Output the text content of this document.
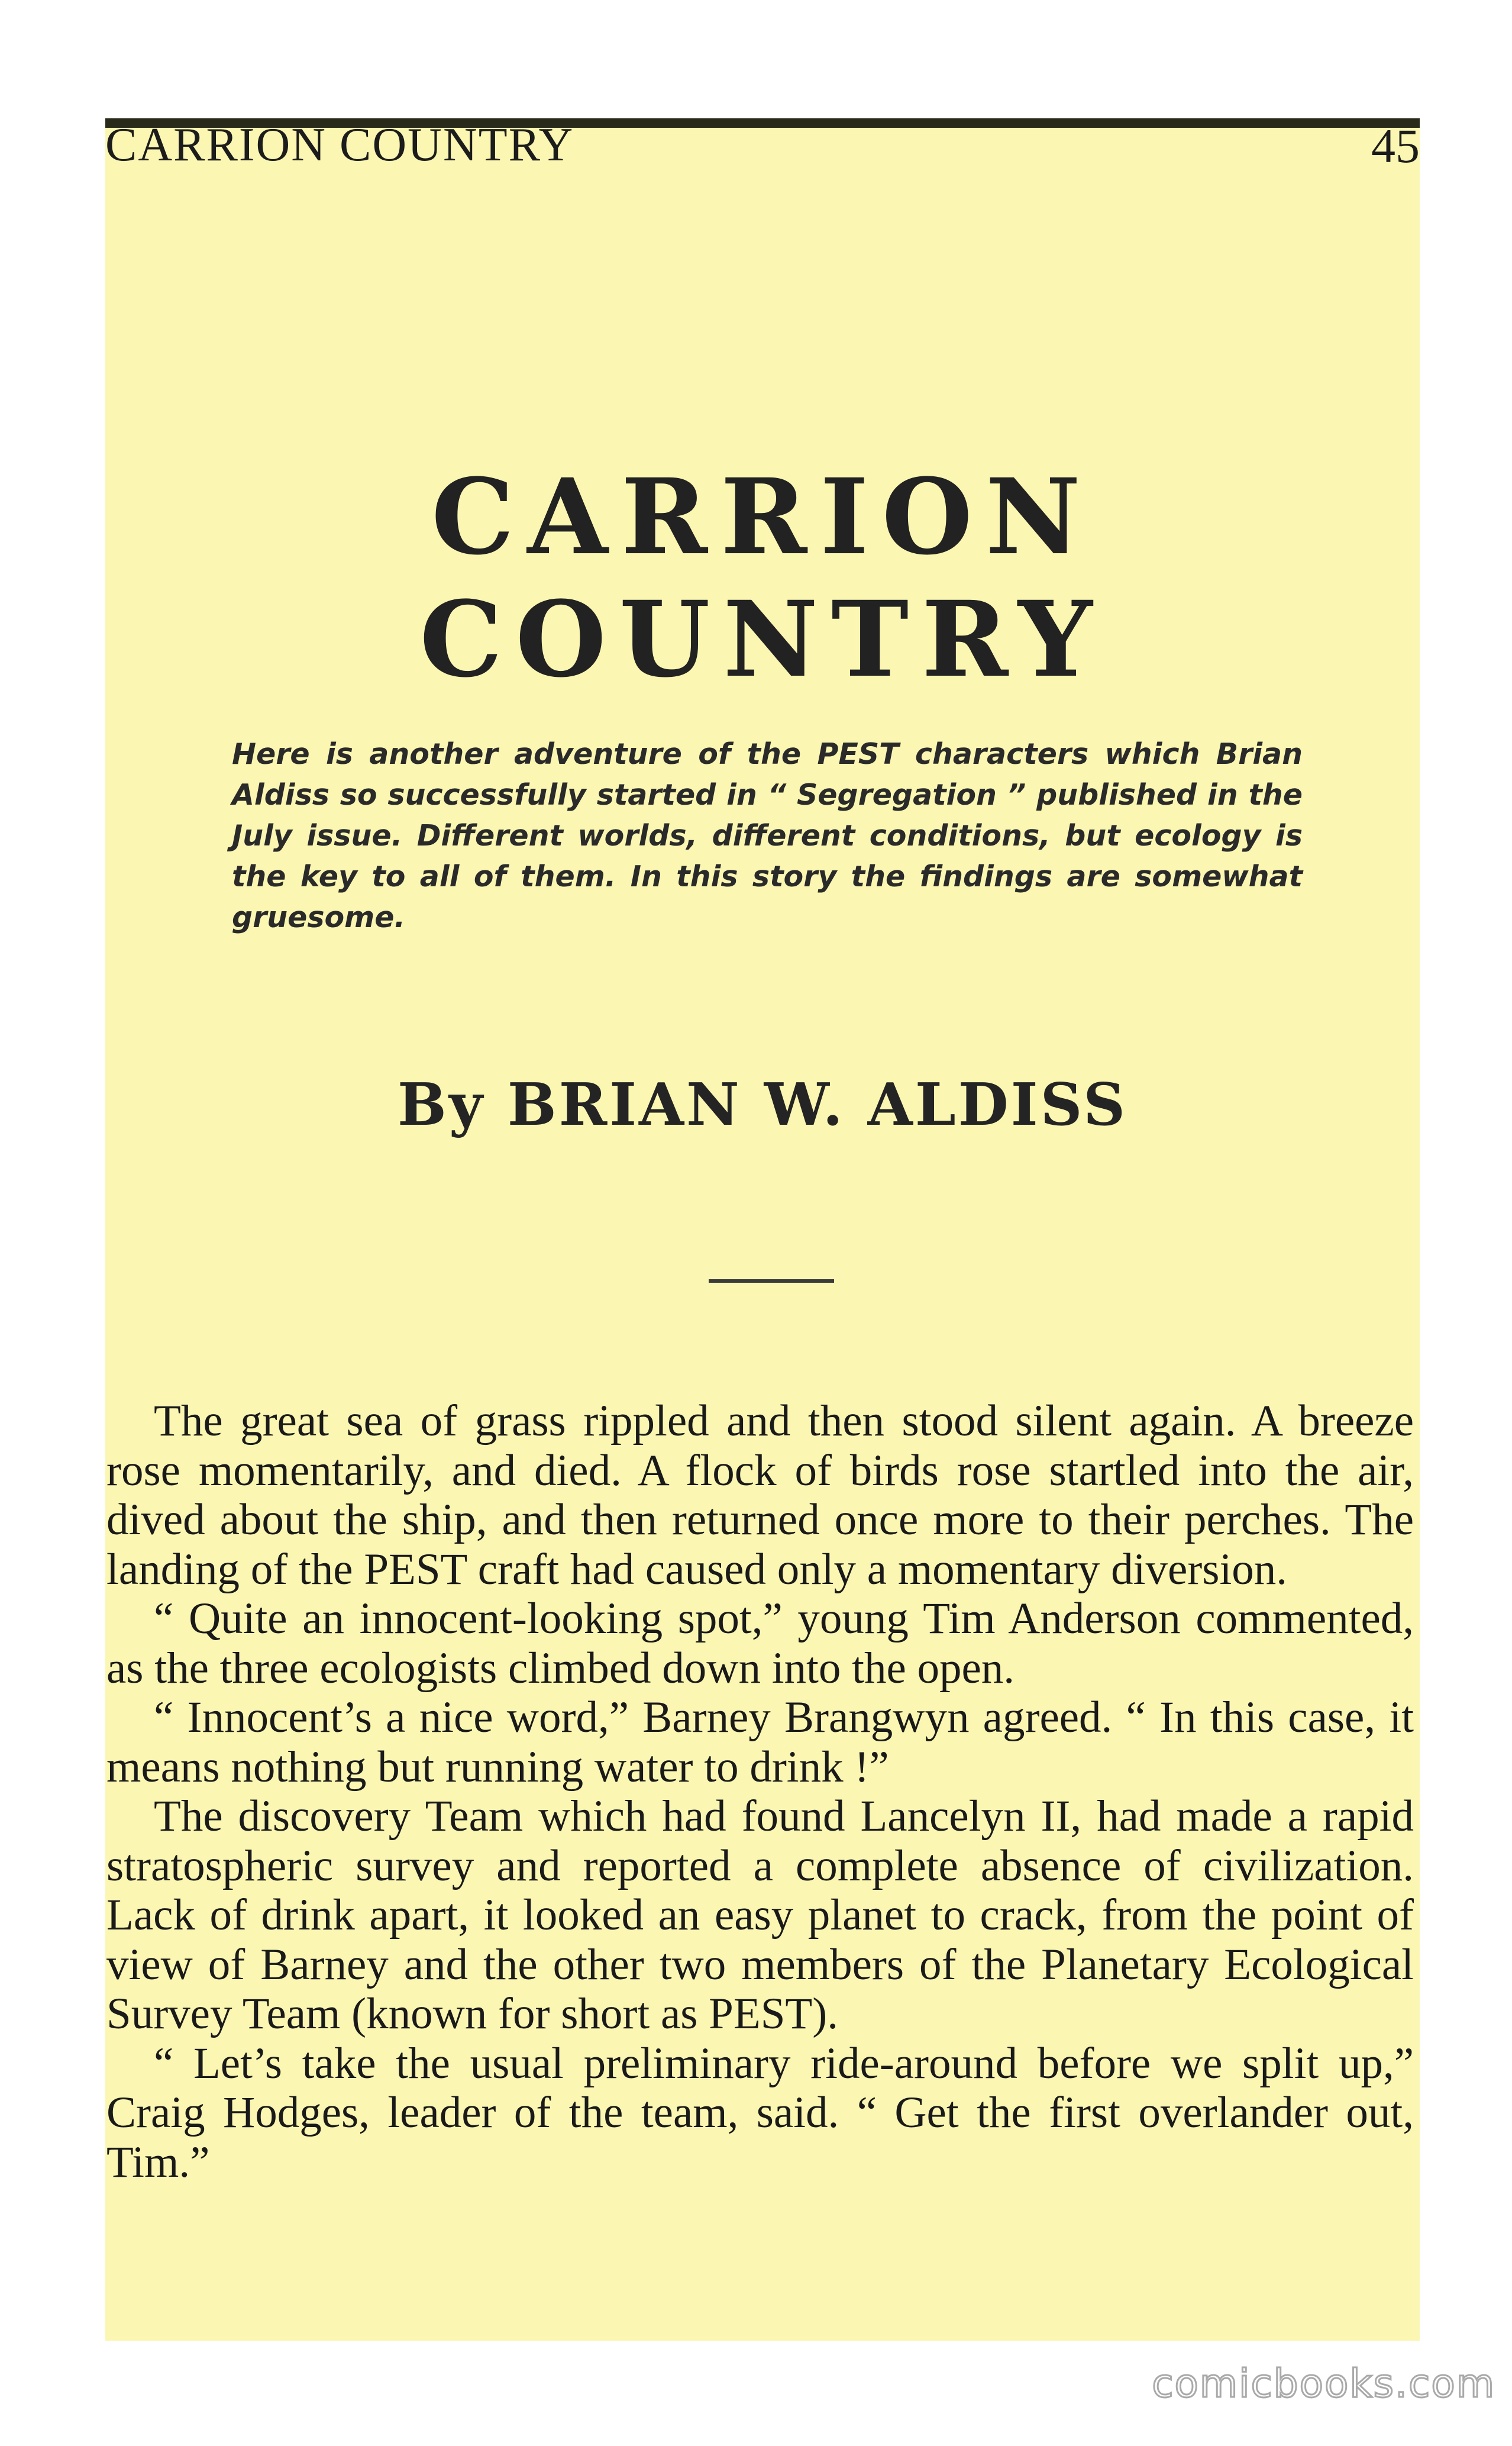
CARRION COUNTRY	45
CARRION COUNTRY
Here is another adventure of the PEST characters which Brian Aldiss so successfully started in “ Segregation ” published in the July issue. Different worlds, different conditions, but ecology is the key to all of them. In this story the findings are somewhat gruesome.
By BRIAN W. ALDISS

The great sea of grass rippled and then stood silent again. A breeze rose momentarily, and died. A flock of birds rose startled into the air, dived about the ship, and then returned once more to their perches. The landing of the PEST craft had caused only a momentary diversion.

“ Quite an innocent-looking spot,” young Tim Anderson commented, as the three ecologists climbed down into the open.

“ Innocent’s a nice word,” Barney Brangwyn agreed. “ In this case, it means nothing but running water to drink !”

The discovery Team which had found Lancelyn II, had made a rapid stratospheric survey and reported a complete absence of civilization. Lack of drink apart, it looked an easy planet to crack, from the point of view of Barney and the other two members of the Planetary Ecological Survey Team (known for short as PEST).

“ Let’s take the usual preliminary ride-around before we split up,” Craig Hodges, leader of the team, said. “ Get the first overlander out, Tim.”

comicbooks.com
